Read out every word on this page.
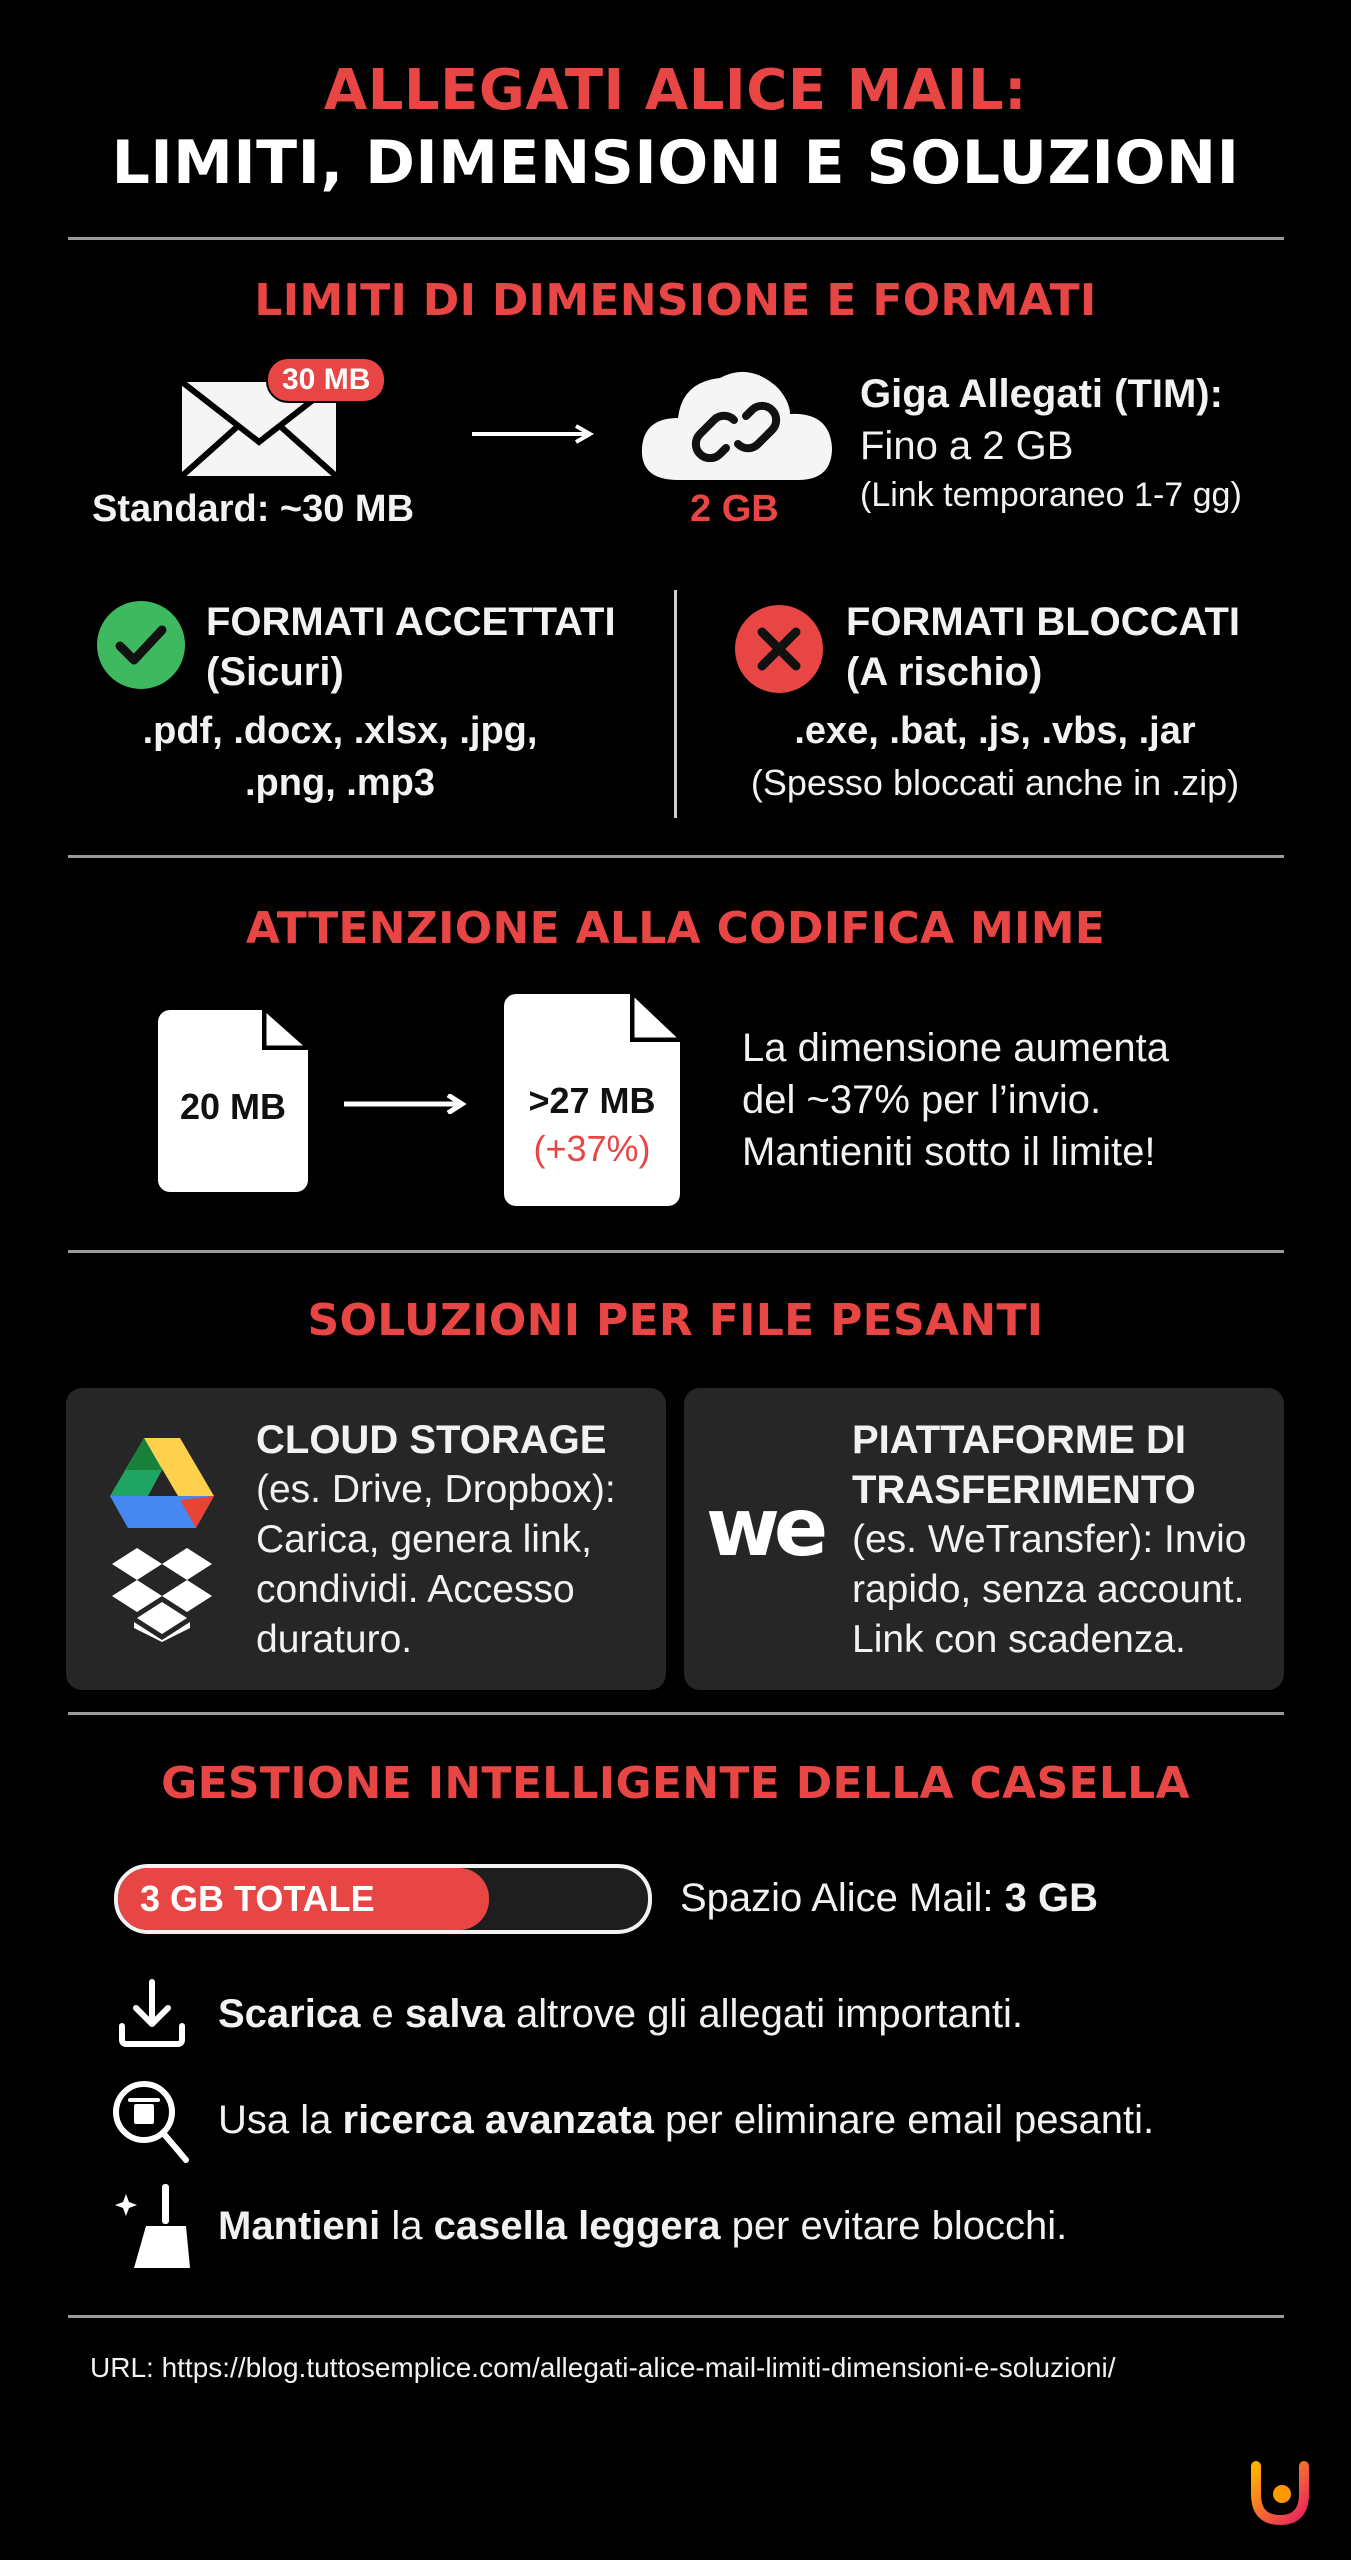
ALLEGATI ALICE MAIL:
LIMITI, DIMENSIONI E SOLUZIONI
LIMITI DI DIMENSIONE E FORMATI
30 MB
Standard: ~30 MB	2 GB
Giga Allegati (TIM):
Fino a 2 GB
(Link temporaneo 1-7 gg)
FORMATI ACCETTATI
(Sicuri)
.pdf, .docx, .xlsx, .jpg,
.png, .mp3
FORMATI BLOCCATI
(A rischio)
.exe, .bat, .js, .vbs, .jar
(Spesso bloccati anche in .zip)
ATTENZIONE ALLA CODIFICA MIME
20 MB	>27 MB
(+37%)
La dimensione aumenta
del ~37% per l’invio.
Mantieniti sotto il limite!
SOLUZIONI PER FILE PESANTI
CLOUD STORAGE
(es. Drive, Dropbox):
Carica, genera link,
condividi. Accesso
duraturo.
we
PIATTAFORME DI
TRASFERIMENTO
(es. WeTransfer): Invio
rapido, senza account.
Link con scadenza.
GESTIONE INTELLIGENTE DELLA CASELLA
3 GB TOTALE	Spazio Alice Mail: 3 GB
Scarica e salva altrove gli allegati importanti.
Usa la ricerca avanzata per eliminare email pesanti.
Mantieni la casella leggera per evitare blocchi.
URL: https://blog.tuttosemplice.com/allegati-alice-mail-limiti-dimensioni-e-soluzioni/
